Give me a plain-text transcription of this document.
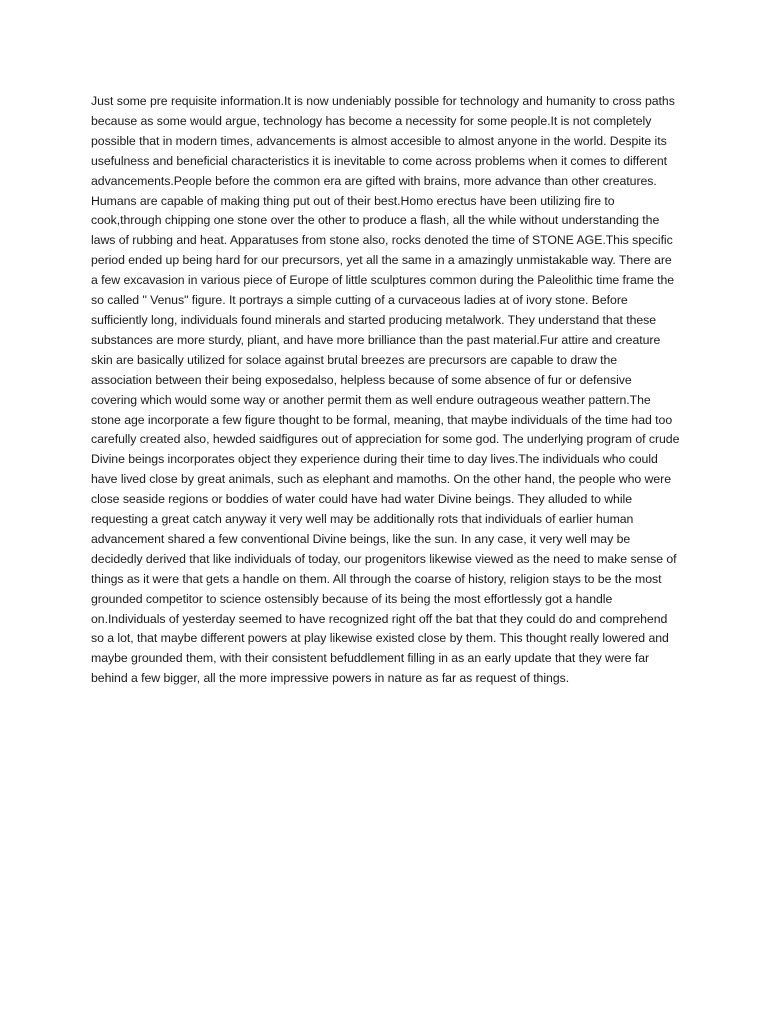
Just some pre requisite information.It is now undeniably possible for technology and humanity to cross paths because as some would argue, technology has become a necessity for some people.It is not completely possible that in modern times, advancements is almost accesible to almost anyone in the world. Despite its usefulness and beneficial characteristics it is inevitable to come across problems when it comes to different advancements.People before the common era are gifted with brains, more advance than other creatures. Humans are capable of making thing put out of their best.Homo erectus have been utilizing fire to cook,through chipping one stone over the other to produce a flash, all the while without understanding the laws of rubbing and heat. Apparatuses from stone also, rocks denoted the time of STONE AGE.This specific period ended up being hard for our precursors, yet all the same in a amazingly unmistakable way. There are a few excavasion in various piece of Europe of little sculptures common during the Paleolithic time frame the so called " Venus" figure. It portrays a simple cutting of a curvaceous ladies at of ivory stone. Before sufficiently long, individuals found minerals and started producing metalwork. They understand that these substances are more sturdy, pliant, and have more brilliance than the past material.Fur attire and creature skin are basically utilized for solace against brutal breezes are precursors are capable to draw the association between their being exposedalso, helpless because of some absence of fur or defensive covering which would some way or another permit them as well endure outrageous weather pattern.The stone age incorporate a few figure thought to be formal, meaning, that maybe individuals of the time had too carefully created also, hewded saidfigures out of appreciation for some god. The underlying program of crude Divine beings incorporates object they experience during their time to day lives.The individuals who could have lived close by great animals, such as elephant and mamoths. On the other hand, the people who were close seaside regions or boddies of water could have had water Divine beings. They alluded to while requesting a great catch anyway it very well may be additionally rots that individuals of earlier human advancement shared a few conventional Divine beings, like the sun. In any case, it very well may be decidedly derived that like individuals of today, our progenitors likewise viewed as the need to make sense of things as it were that gets a handle on them. All through the coarse of history, religion stays to be the most grounded competitor to science ostensibly because of its being the most effortlessly got a handle on.Individuals of yesterday seemed to have recognized right off the bat that they could do and comprehend so a lot, that maybe different powers at play likewise existed close by them. This thought really lowered and maybe grounded them, with their consistent befuddlement filling in as an early update that they were far behind a few bigger, all the more impressive powers in nature as far as request of things.
